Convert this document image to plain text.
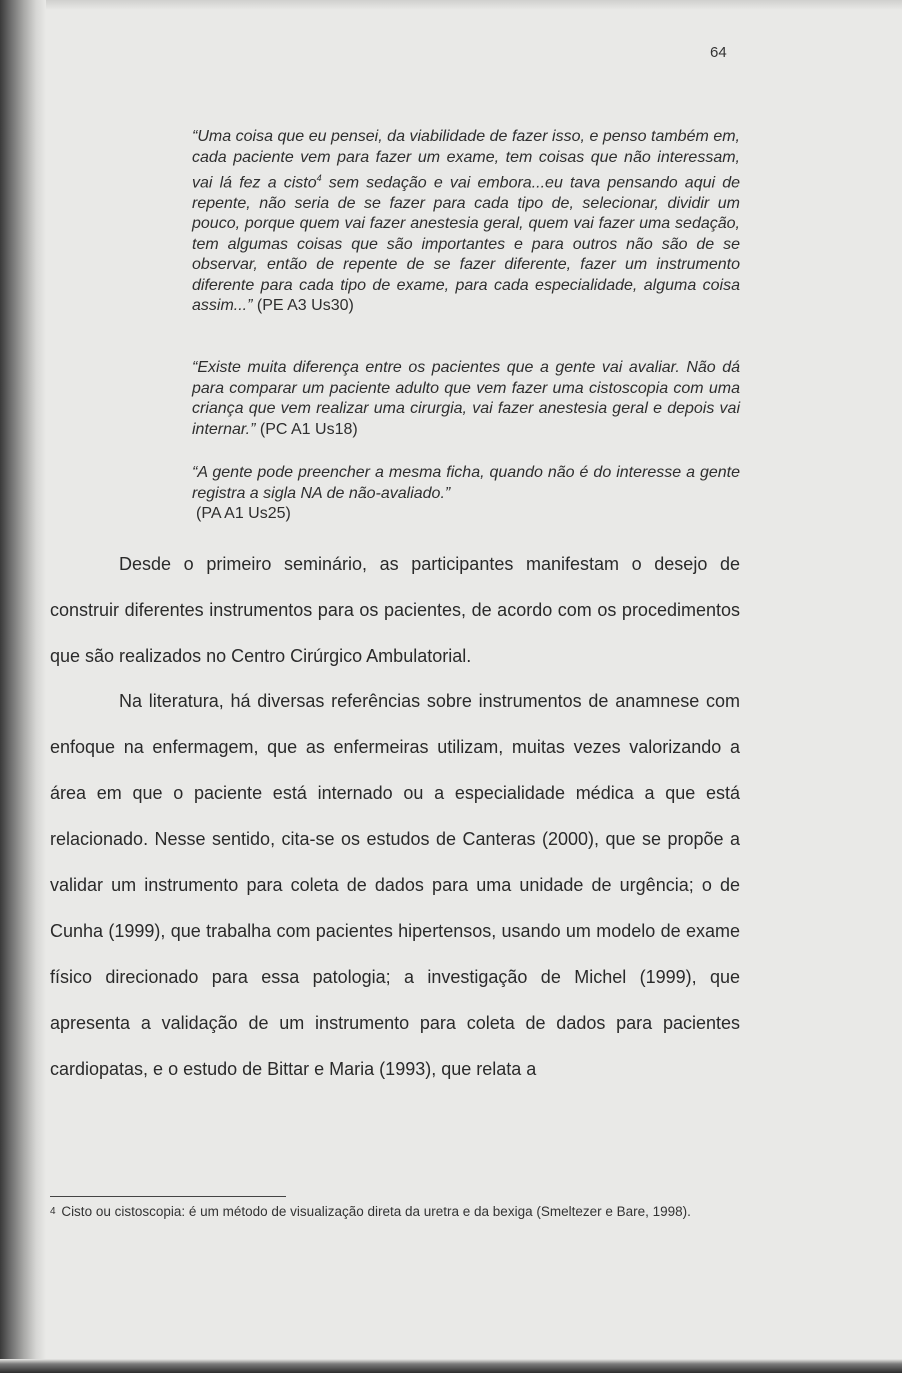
64
“Uma coisa que eu pensei, da viabilidade de fazer isso, e penso também em, cada paciente vem para fazer um exame, tem coisas que não interessam, vai lá fez a cisto$^4$ sem sedação e vai embora...eu tava pensando aqui de repente, não seria de se fazer para cada tipo de, selecionar, dividir um pouco, porque quem vai fazer anestesia geral, quem vai fazer uma sedação, tem algumas coisas que são importantes e para outros não são de se observar, então de repente de se fazer diferente, fazer um instrumento diferente para cada tipo de exame, para cada especialidade, alguma coisa assim...” (PE A3 Us30)
“Existe muita diferença entre os pacientes que a gente vai avaliar. Não dá para comparar um paciente adulto que vem fazer uma cistoscopia com uma criança que vem realizar uma cirurgia, vai fazer anestesia geral e depois vai internar.” (PC A1 Us18)
“A gente pode preencher a mesma ficha, quando não é do interesse a gente registra a sigla NA de não-avaliado.”
(PA A1 Us25)

Desde o primeiro seminário, as participantes manifestam o desejo de construir diferentes instrumentos para os pacientes, de acordo com os procedimentos que são realizados no Centro Cirúrgico Ambulatorial.

Na literatura, há diversas referências sobre instrumentos de anamnese com enfoque na enfermagem, que as enfermeiras utilizam, muitas vezes valorizando a área em que o paciente está internado ou a especialidade médica a que está relacionado. Nesse sentido, cita-se os estudos de Canteras (2000), que se propõe a validar um instrumento para coleta de dados para uma unidade de urgência; o de Cunha (1999), que trabalha com pacientes hipertensos, usando um modelo de exame físico direcionado para essa patologia; a investigação de Michel (1999), que apresenta a validação de um instrumento para coleta de dados para pacientes cardiopatas, e o estudo de Bittar e Maria (1993), que relata a

$^4$ Cisto ou cistoscopia: é um método de visualização direta da uretra e da bexiga (Smeltezer e Bare, 1998).
